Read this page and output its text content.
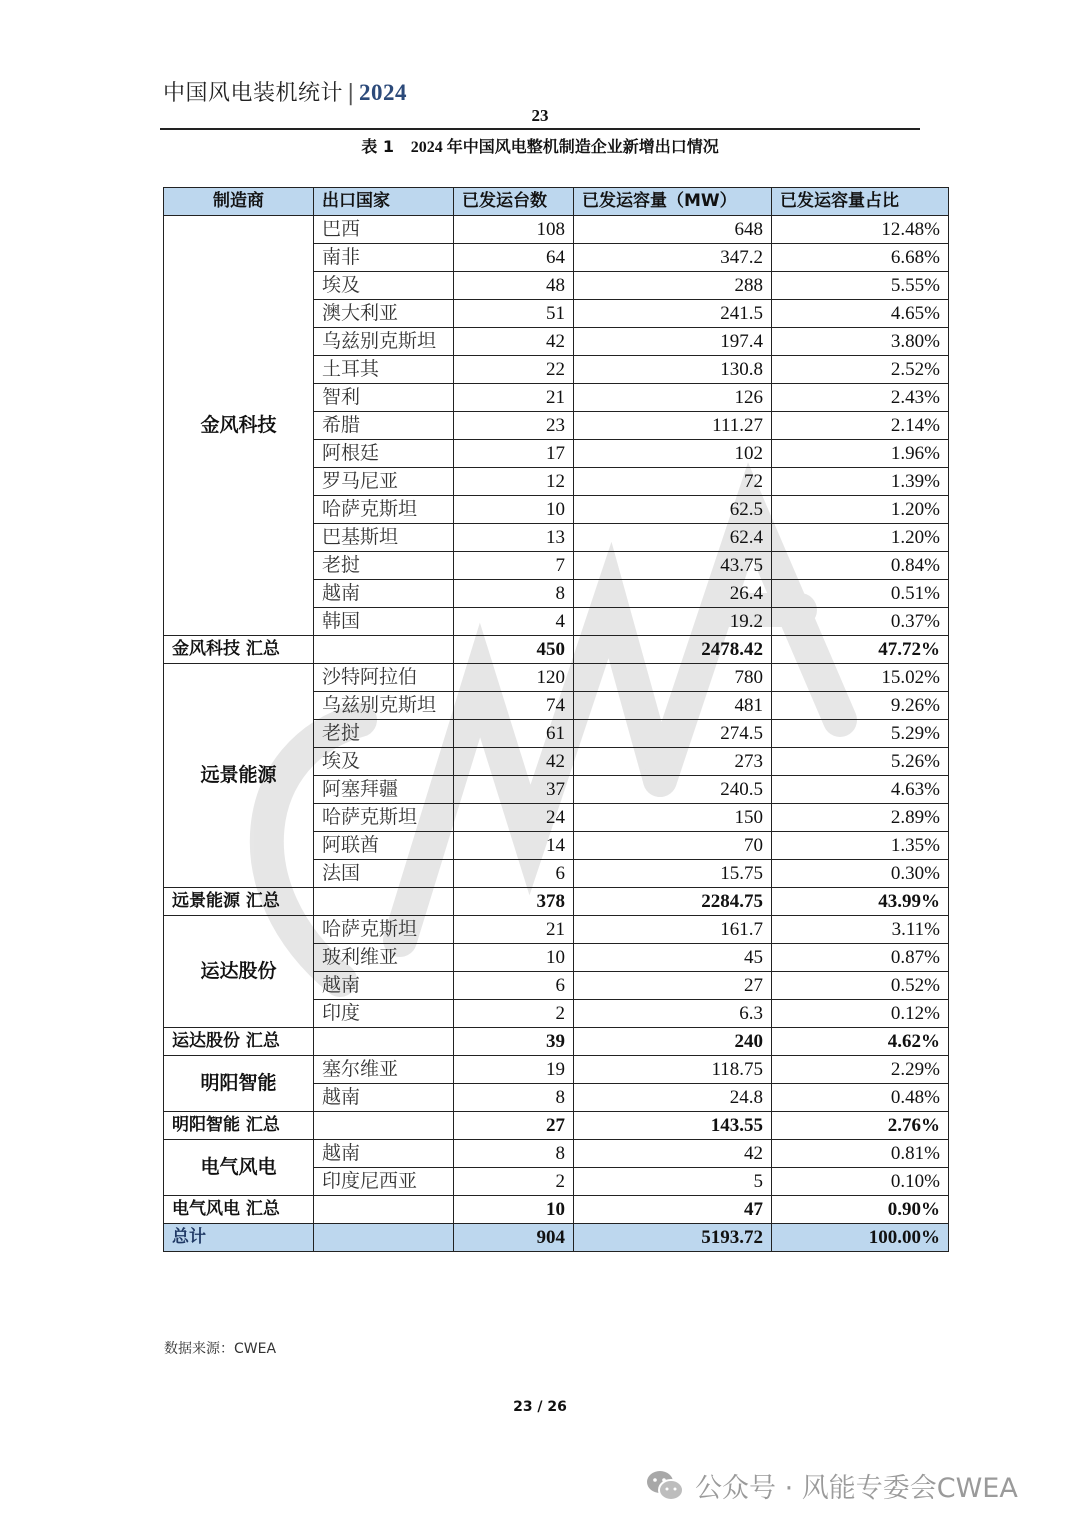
中国风电装机统计 | 2024
23
表 1 2024 年中国风电整机制造企业新增出口情况
制造商	出口国家	已发运台数	已发运容量（MW）	已发运容量占比
金风科技	巴西	108	648	12.48%
	南非	64	347.2	6.68%
	埃及	48	288	5.55%
	澳大利亚	51	241.5	4.65%
	乌兹别克斯坦	42	197.4	3.80%
	土耳其	22	130.8	2.52%
	智利	21	126	2.43%
	希腊	23	111.27	2.14%
	阿根廷	17	102	1.96%
	罗马尼亚	12	72	1.39%
	哈萨克斯坦	10	62.5	1.20%
	巴基斯坦	13	62.4	1.20%
	老挝	7	43.75	0.84%
	越南	8	26.4	0.51%
	韩国	4	19.2	0.37%
金风科技 汇总		450	2478.42	47.72%
远景能源	沙特阿拉伯	120	780	15.02%
	乌兹别克斯坦	74	481	9.26%
	老挝	61	274.5	5.29%
	埃及	42	273	5.26%
	阿塞拜疆	37	240.5	4.63%
	哈萨克斯坦	24	150	2.89%
	阿联酋	14	70	1.35%
	法国	6	15.75	0.30%
远景能源 汇总		378	2284.75	43.99%
运达股份	哈萨克斯坦	21	161.7	3.11%
	玻利维亚	10	45	0.87%
	越南	6	27	0.52%
	印度	2	6.3	0.12%
运达股份 汇总		39	240	4.62%
明阳智能	塞尔维亚	19	118.75	2.29%
	越南	8	24.8	0.48%
明阳智能 汇总		27	143.55	2.76%
电气风电	越南	8	42	0.81%
	印度尼西亚	2	5	0.10%
电气风电 汇总		10	47	0.90%
总计		904	5193.72	100.00%
数据来源：CWEA
23 / 26
公众号 · 风能专委会CWEA
